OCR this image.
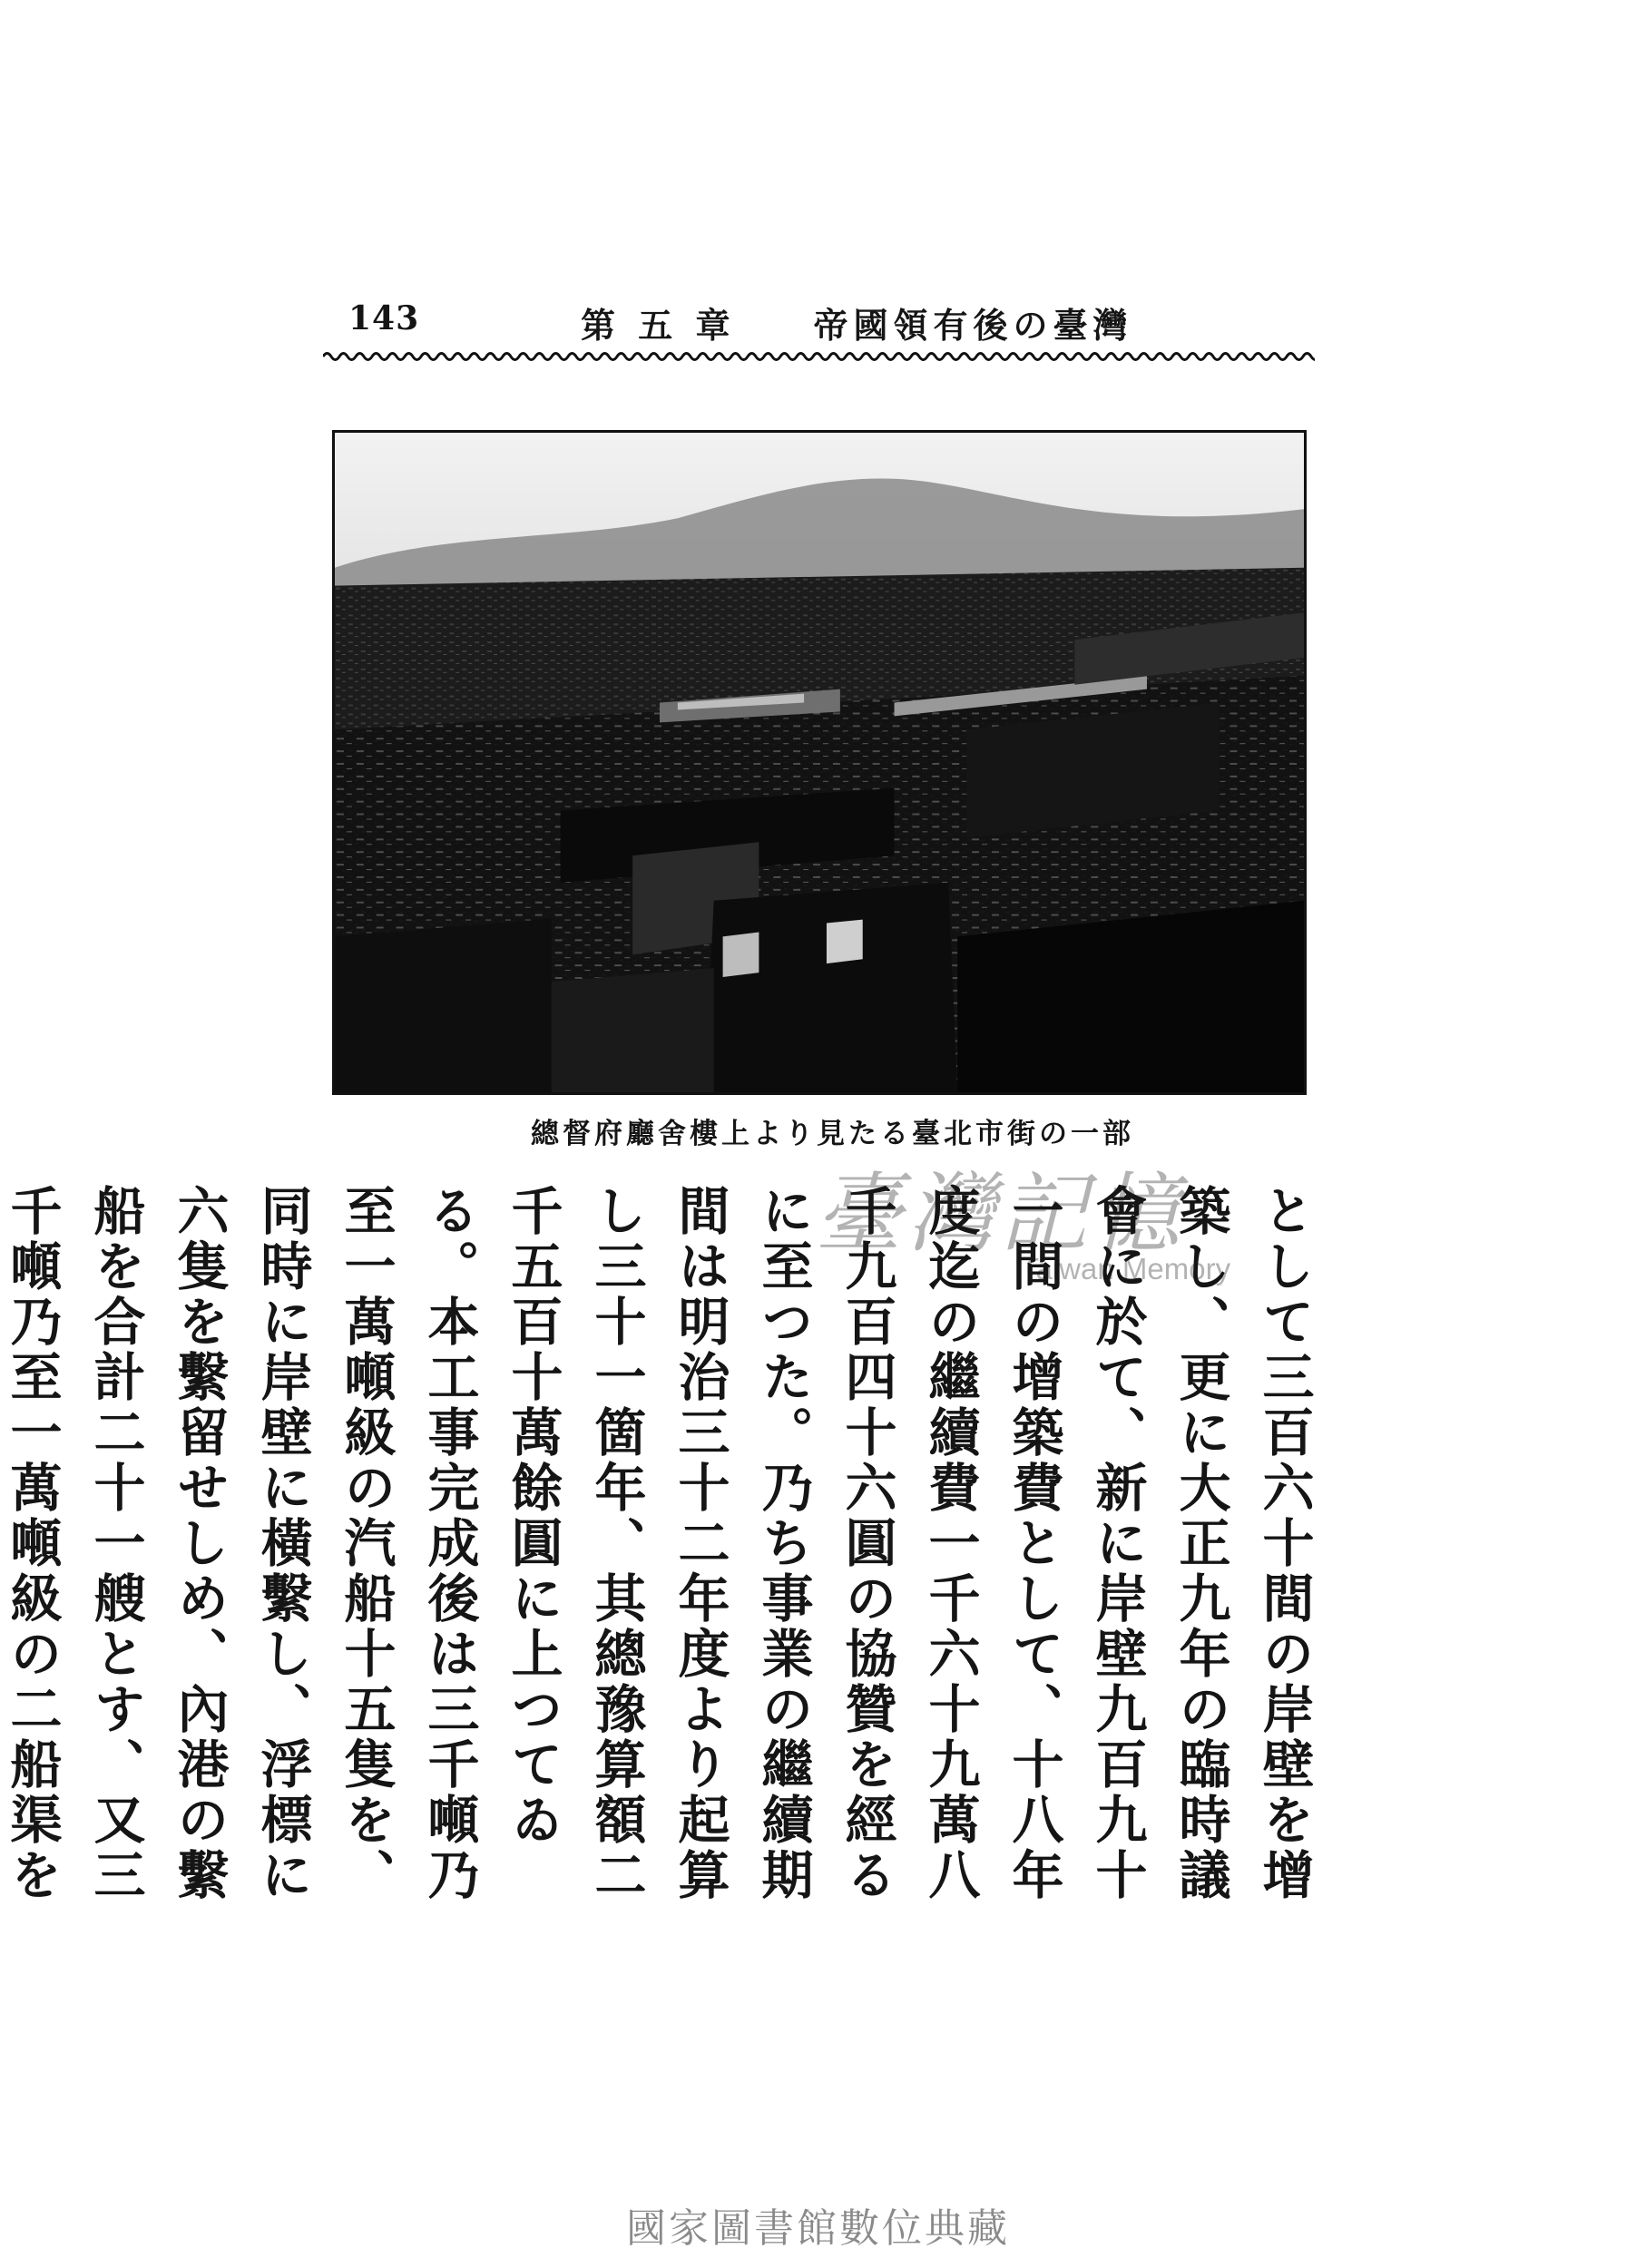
143	第 五 章 帝國領有後の臺灣
總督府廳舍樓上より見たる臺北市街の一部
臺灣記憶
Taiwan Memory

として三百六十間の岸壁を增築し、更に大正九年の臨時議會に於て、新に岸壁九百九十一間の增築費として、十八年度迄の繼續費一千六十九萬八千九百四十六圓の協贊を經るに至つた。乃ち事業の繼續期間は明治三十二年度より起算し三十一箇年、其總豫算額二千五百十萬餘圓に上つてゐる。本工事完成後は三千噸乃至一萬噸級の汽船十五隻を、同時に岸壁に橫繫し、浮標に六隻を繫留せしめ、內港の繫船を合計二十一艘とす、又三千噸乃至一萬噸級の二船渠を

國家圖書館數位典藏
